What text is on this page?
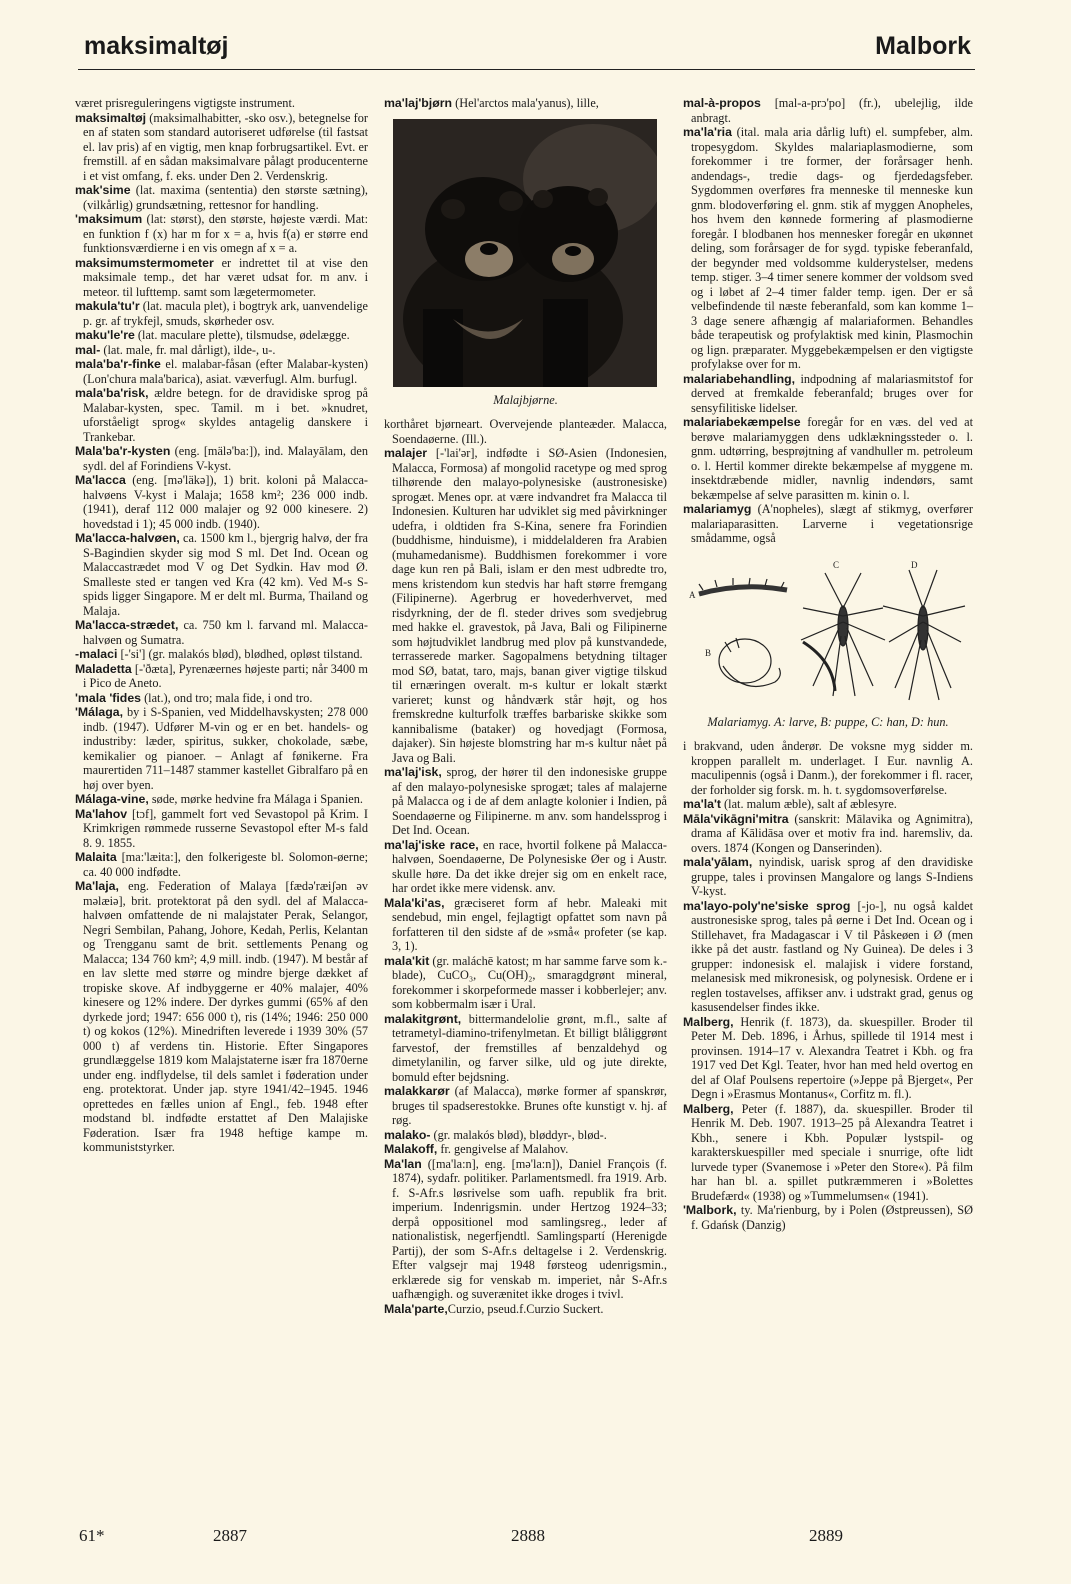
maksimaltøj	Malbork

været prisreguleringens vigtigste instrument.

maksimaltøj (maksimalhabitter, -sko osv.), betegnelse for en af staten som standard autoriseret udførelse (til fastsat el. lav pris) af en vigtig, men knap forbrugsartikel. Evt. er fremstill. af en sådan maksimalvare pålagt producenterne i et vist omfang, f. eks. under Den 2. Verdenskrig.

mak'sime (lat. maxima (sententia) den største sætning), (vilkårlig) grundsætning, rettesnor for handling.

'maksimum (lat: størst), den største, højeste værdi. Mat: en funktion f (x) har m for x = a, hvis f(a) er større end funktionsværdierne i en vis omegn af x = a.

maksimumstermometer er indrettet til at vise den maksimale temp., det har været udsat for. m anv. i meteor. til lufttemp. samt som lægetermometer.

makula'tu'r (lat. macula plet), i bogtryk ark, uanvendelige p. gr. af trykfejl, smuds, skørheder osv.

maku'le're (lat. maculare plette), tilsmudse, ødelægge.

mal- (lat. male, fr. mal dårligt), ilde-, u-.

mala'ba'r-finke el. malabar-fåsan (efter Malabar-kysten) (Lon'chura mala'barica), asiat. væverfugl. Alm. burfugl.

mala'ba'risk, ældre betegn. for de dravidiske sprog på Malabar-kysten, spec. Tamil. m i bet. »knudret, uforståeligt sprog« skyldes antagelig danskere i Trankebar.

Mala'ba'r-kysten (eng. [mälə'ba:]), ind. Malayālam, den sydl. del af Forindiens V-kyst.

Ma'lacca (eng. [mə'läkə]), 1) brit. koloni på Malacca-halvøens V-kyst i Malaja; 1658 km²; 236 000 indb. (1941), deraf 112 000 malajer og 92 000 kinesere. 2) hovedstad i 1); 45 000 indb. (1940).

Ma'lacca-halvøen, ca. 1500 km l., bjergrig halvø, der fra S-Bagindien skyder sig mod S ml. Det Ind. Ocean og Malaccastrædet mod V og Det Sydkin. Hav mod Ø. Smalleste sted er tangen ved Kra (42 km). Ved M-s S-spids ligger Singapore. M er delt ml. Burma, Thailand og Malaja.

Ma'lacca-strædet, ca. 750 km l. farvand ml. Malacca-halvøen og Sumatra.

-malaci [-'si'] (gr. malakós blød), blødhed, opløst tilstand.

Maladetta [-'ðæta], Pyrenæernes højeste parti; når 3400 m i Pico de Aneto.

'mala 'fides (lat.), ond tro; mala fide, i ond tro.

'Málaga, by i S-Spanien, ved Middelhavskysten; 278 000 indb. (1947). Udfører M-vin og er en bet. handels- og industriby: læder, spiritus, sukker, chokolade, sæbe, kemikalier og pianoer. – Anlagt af fønikerne. Fra maurertiden 711–1487 stammer kastellet Gibralfaro på en høj over byen.

Málaga-vine, søde, mørke hedvine fra Málaga i Spanien.

Ma'lahov [tɔf], gammelt fort ved Sevastopol på Krim. I Krimkrigen rømmede russerne Sevastopol efter M-s fald 8. 9. 1855.

Malaita [ma:'læita:], den folkerigeste bl. Solomon-øerne; ca. 40 000 indfødte.

Ma'laja, eng. Federation of Malaya [fædə'ræiʃən əv məlæiə], brit. protektorat på den sydl. del af Malacca-halvøen omfattende de ni malajstater Perak, Selangor, Negri Sembilan, Pahang, Johore, Kedah, Perlis, Kelantan og Trengganu samt de brit. settlements Penang og Malacca; 134 760 km²; 4,9 mill. indb. (1947). M består af en lav slette med større og mindre bjerge dækket af tropiske skove. Af indbyggerne er 40% malajer, 40% kinesere og 12% indere. Der dyrkes gummi (65% af den dyrkede jord; 1947: 656 000 t), ris (14%; 1946: 250 000 t) og kokos (12%). Minedriften leverede i 1939 30% (57 000 t) af verdens tin. Historie. Efter Singapores grundlæggelse 1819 kom Malajstaterne især fra 1870erne under eng. indflydelse, til dels samlet i føderation under eng. protektorat. Under jap. styre 1941/42–1945. 1946 oprettedes en fælles union af Engl., feb. 1948 efter modstand bl. indfødte erstattet af Den Malajiske Føderation. Især fra 1948 heftige kampe m. kommuniststyrker.

ma'laj'bjørn (Hel'arctos mala'yanus), lille,

Malajbjørne.

korthåret bjørneart. Overvejende planteæder. Malacca, Soendaøerne. (Ill.).

malajer [-'lai'ər], indfødte i SØ-Asien (Indonesien, Malacca, Formosa) af mongolid racetype og med sprog tilhørende den malayo-polynesiske (austronesiske) sprogæt. Menes opr. at være indvandret fra Malacca til Indonesien. Kulturen har udviklet sig med påvirkninger udefra, i oldtiden fra S-Kina, senere fra Forindien (buddhisme, hinduisme), i middelalderen fra Arabien (muhamedanisme). Buddhismen forekommer i vore dage kun ren på Bali, islam er den mest udbredte tro, mens kristendom kun stedvis har haft større fremgang (Filipinerne). Agerbrug er hovederhvervet, med risdyrkning, der de fl. steder drives som svedjebrug med hakke el. gravestok, på Java, Bali og Filipinerne som højtudviklet landbrug med plov på kunstvandede, terrasserede marker. Sagopalmens betydning tiltager mod SØ, batat, taro, majs, banan giver vigtige tilskud til ernæringen overalt. m-s kultur er lokalt stærkt varieret; kunst og håndværk står højt, og hos fremskredne kulturfolk træffes barbariske skikke som kannibalisme (bataker) og hovedjagt (Formosa, dajaker). Sin højeste blomstring har m-s kultur nået på Java og Bali.

ma'laj'isk, sprog, der hører til den indonesiske gruppe af den malayo-polynesiske sprogæt; tales af malajerne på Malacca og i de af dem anlagte kolonier i Indien, på Soendaøerne og Filipinerne. m anv. som handelssprog i Det Ind. Ocean.

ma'laj'iske race, en race, hvortil folkene på Malacca-halvøen, Soendaøerne, De Polynesiske Øer og i Austr. skulle høre. Da det ikke drejer sig om en enkelt race, har ordet ikke mere vidensk. anv.

Mala'ki'as, græciseret form af hebr. Maleaki mit sendebud, min engel, fejlagtigt opfattet som navn på forfatteren til den sidste af de »små« profeter (se kap. 3, 1).

mala'kit (gr. maláchē katost; m har samme farve som k.-blade), CuCO₃, Cu(OH)₂, smaragdgrønt mineral, forekommer i skorpeformede masser i kobberlejer; anv. som kobbermalm især i Ural.

malakitgrønt, bittermandelolie grønt, m.fl., salte af tetrametyl-diamino-trifenylmetan. Et billigt blåliggrønt farvestof, der fremstilles af benzaldehyd og dimetylanilin, og farver silke, uld og jute direkte, bomuld efter bejdsning.

malakkarør (af Malacca), mørke former af spanskrør, bruges til spadserestokke. Brunes ofte kunstigt v. hj. af røg.

malako- (gr. malakós blød), bløddyr-, blød-.

Malakoff, fr. gengivelse af Malahov.

Ma'lan ([ma'la:n], eng. [mə'la:n]), Daniel François (f. 1874), sydafr. politiker. Parlamentsmedl. fra 1919. Arb. f. S-Afr.s løsrivelse som uafh. republik fra brit. imperium. Indenrigsmin. under Hertzog 1924–33; derpå oppositionel mod samlingsreg., leder af nationalistisk, negerfjendtl. Samlingspartí (Herenigde Partij), der som S-Afr.s deltagelse i 2. Verdenskrig. Efter valgsejr maj 1948 førsteog udenrigsmin., erklærede sig for venskab m. imperiet, når S-Afr.s uafhængigh. og suverænitet ikke droges i tvivl.

Mala'parte,Curzio, pseud.f.Curzio Suckert.

mal-à-propos [mal-a-prɔ'po] (fr.), ubelejlig, ilde anbragt.

ma'la'ria (ital. mala aria dårlig luft) el. sumpfeber, alm. tropesygdom. Skyldes malariaplasmodierne, som forekommer i tre former, der forårsager henh. andendags-, tredie dags- og fjerdedagsfeber. Sygdommen overføres fra menneske til menneske kun gnm. blodoverføring el. gnm. stik af myggen Anopheles, hos hvem den kønnede formering af plasmodierne foregår. I blodbanen hos mennesker foregår en ukønnet deling, som forårsager de for sygd. typiske feberanfald, der begynder med voldsomme kulderystelser, medens temp. stiger. 3–4 timer senere kommer der voldsom sved og i løbet af 2–4 timer falder temp. igen. Der er så velbefindende til næste feberanfald, som kan komme 1–3 dage senere afhængig af malariaformen. Behandles både terapeutisk og profylaktisk med kinin, Plasmochin og lign. præparater. Myggebekæmpelsen er den vigtigste profylakse over for m.

malariabehandling, indpodning af malariasmitstof for derved at fremkalde feberanfald; bruges over for sensyfilitiske lidelser.

malariabekæmpelse foregår for en væs. del ved at berøve malariamyggen dens udklækningssteder o. l. gnm. udtørring, besprøjtning af vandhuller m. petroleum o. l. Hertil kommer direkte bekæmpelse af myggene m. insektdræbende midler, navnlig indendørs, samt bekæmpelse af selve parasitten m. kinin o. l.

malariamyg (A'nopheles), slægt af stikmyg, overfører malariaparasitten. Larverne i vegetationsrige smådamme, også

A
B
C	D
Malariamyg. A: larve, B: puppe, C: han, D: hun.

i brakvand, uden ånderør. De voksne myg sidder m. kroppen parallelt m. underlaget. I Eur. navnlig A. maculipennis (også i Danm.), der forekommer i fl. racer, der forholder sig forsk. m. h. t. sygdomsoverførelse.

ma'la't (lat. malum æble), salt af æblesyre.

Māla'vikāgni'mitra (sanskrit: Mālavika og Agnimitra), drama af Kālidāsa over et motiv fra ind. haremsliv, da. overs. 1874 (Kongen og Danserinden).

mala'yālam, nyindisk, uarisk sprog af den dravidiske gruppe, tales i provinsen Mangalore og langs S-Indiens V-kyst.

ma'layo-poly'ne'siske sprog [-jo-], nu også kaldet austronesiske sprog, tales på øerne i Det Ind. Ocean og i Stillehavet, fra Madagascar i V til Påskeøen i Ø (men ikke på det austr. fastland og Ny Guinea). De deles i 3 grupper: indonesisk el. malajisk i videre forstand, melanesisk med mikronesisk, og polynesisk. Ordene er i reglen tostavelses, affikser anv. i udstrakt grad, genus og kasusendelser findes ikke.

Malberg, Henrik (f. 1873), da. skuespiller. Broder til Peter M. Deb. 1896, i Århus, spillede til 1914 mest i provinsen. 1914–17 v. Alexandra Teatret i Kbh. og fra 1917 ved Det Kgl. Teater, hvor han med held overtog en del af Olaf Poulsens repertoire (»Jeppe på Bjerget«, Per Degn i »Erasmus Montanus«, Corfitz m. fl.).

Malberg, Peter (f. 1887), da. skuespiller. Broder til Henrik M. Deb. 1907. 1913–25 på Alexandra Teatret i Kbh., senere i Kbh. Populær lystspil- og karakterskuespiller med speciale i snurrige, ofte lidt lurvede typer (Svanemose i »Peter den Store«). På film har han bl. a. spillet putkræmmeren i »Bolettes Brudefærd« (1938) og »Tummelumsen« (1941).

'Malbork, ty. Ma'rienburg, by i Polen (Østpreussen), SØ f. Gdańsk (Danzig)

61*	2887	2888	2889
